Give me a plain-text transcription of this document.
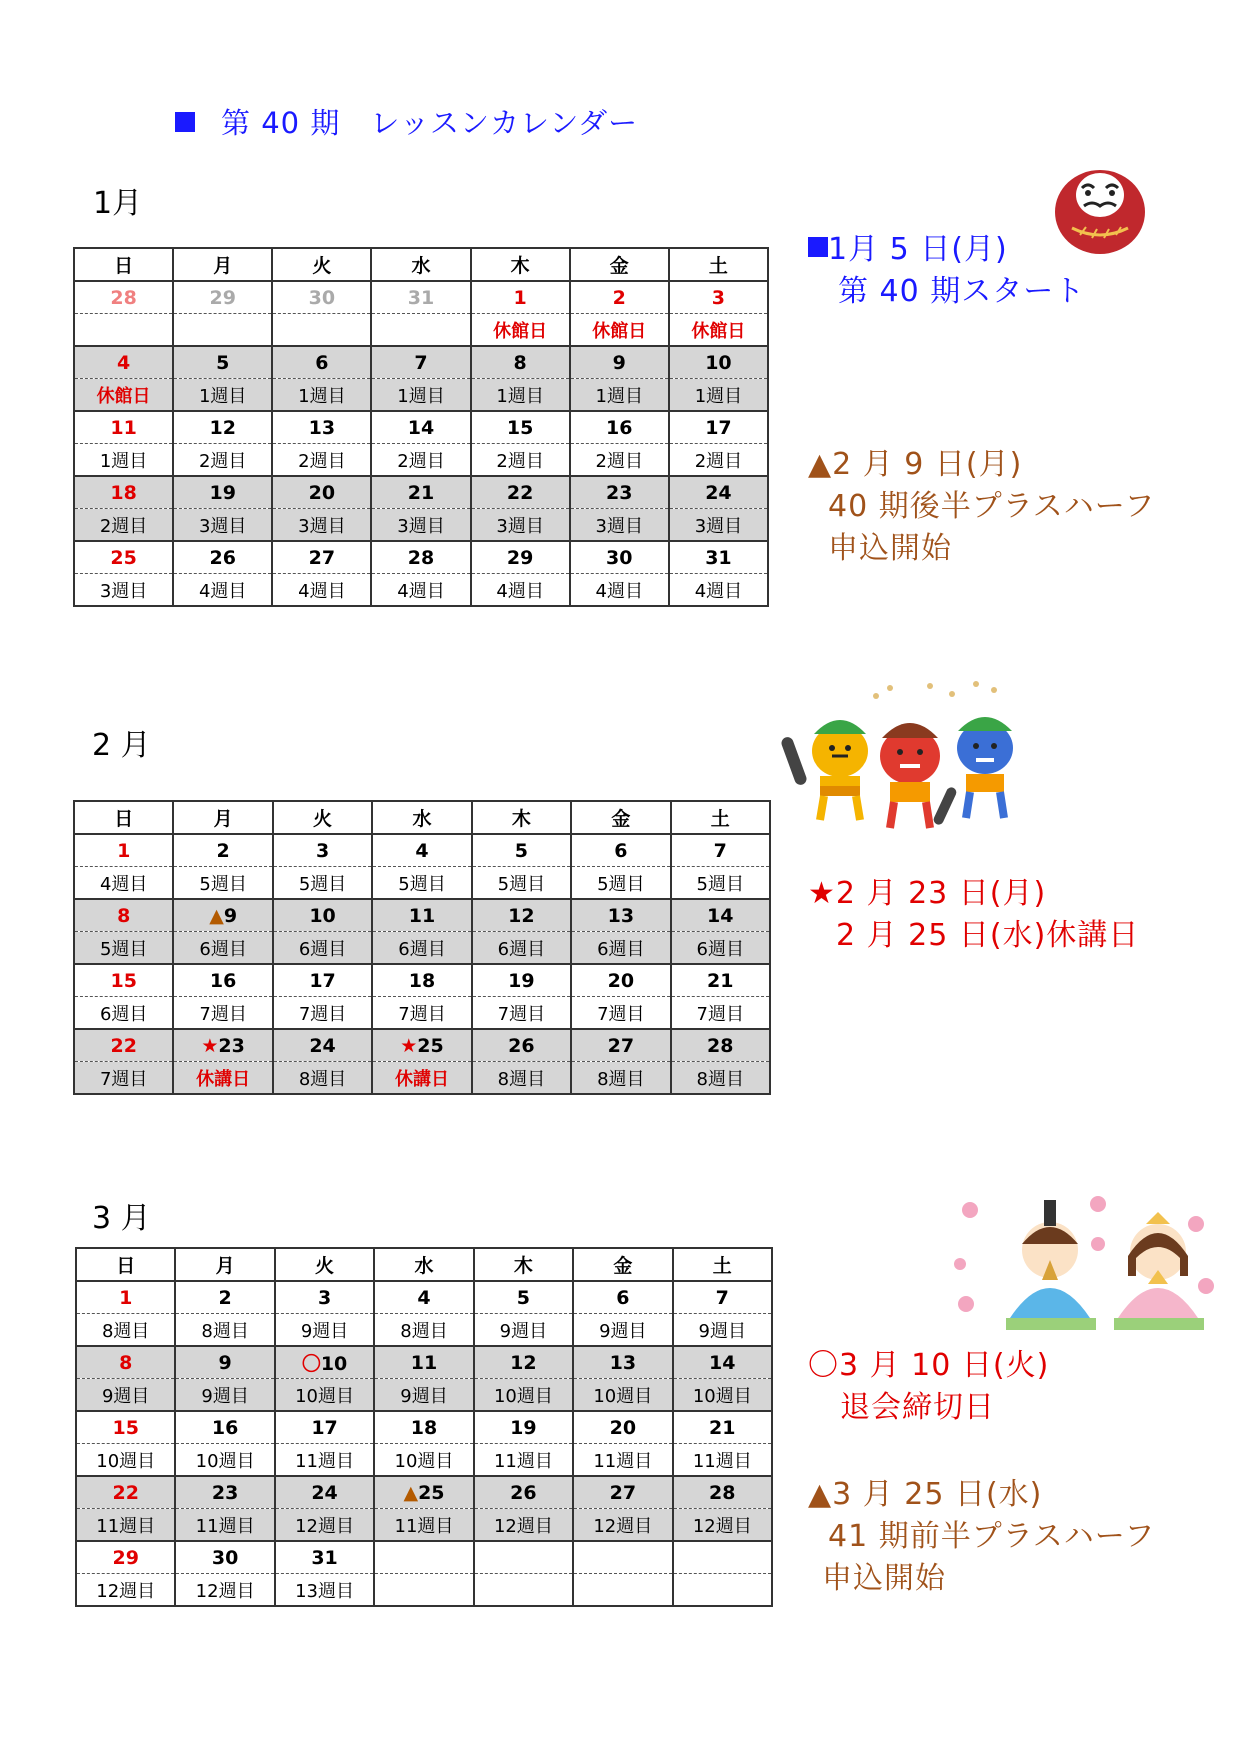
第 40 期　レッスンカレンダー
1月
2 月
3 月
日	月	火	水	木	金	土
28	29	30	31	1	2	3
				休館日	休館日	休館日
4	5	6	7	8	9	10
休館日	1週目	1週目	1週目	1週目	1週目	1週目
11	12	13	14	15	16	17
1週目	2週目	2週目	2週目	2週目	2週目	2週目
18	19	20	21	22	23	24
2週目	3週目	3週目	3週目	3週目	3週目	3週目
25	26	27	28	29	30	31
3週目	4週目	4週目	4週目	4週目	4週目	4週目
日	月	火	水	木	金	土
1	2	3	4	5	6	7
4週目	5週目	5週目	5週目	5週目	5週目	5週目
8	▲9	10	11	12	13	14
5週目	6週目	6週目	6週目	6週目	6週目	6週目
15	16	17	18	19	20	21
6週目	7週目	7週目	7週目	7週目	7週目	7週目
22	★23	24	★25	26	27	28
7週目	休講日	8週目	休講日	8週目	8週目	8週目
日	月	火	水	木	金	土
1	2	3	4	5	6	7
8週目	8週目	9週目	8週目	9週目	9週目	9週目
8	9	〇10	11	12	13	14
9週目	9週目	10週目	9週目	10週目	10週目	10週目
15	16	17	18	19	20	21
10週目	10週目	11週目	10週目	11週目	11週目	11週目
22	23	24	▲25	26	27	28
11週目	11週目	12週目	11週目	12週目	12週目	12週目
29	30	31				
12週目	12週目	13週目				
1月 5 日(月)
第 40 期スタート
▲2 月 9 日(月)
40 期後半プラスハーフ
申込開始
★2 月 23 日(月)
2 月 25 日(水)休講日
〇3 月 10 日(火)
退会締切日
▲3 月 25 日(水)
41 期前半プラスハーフ
申込開始
